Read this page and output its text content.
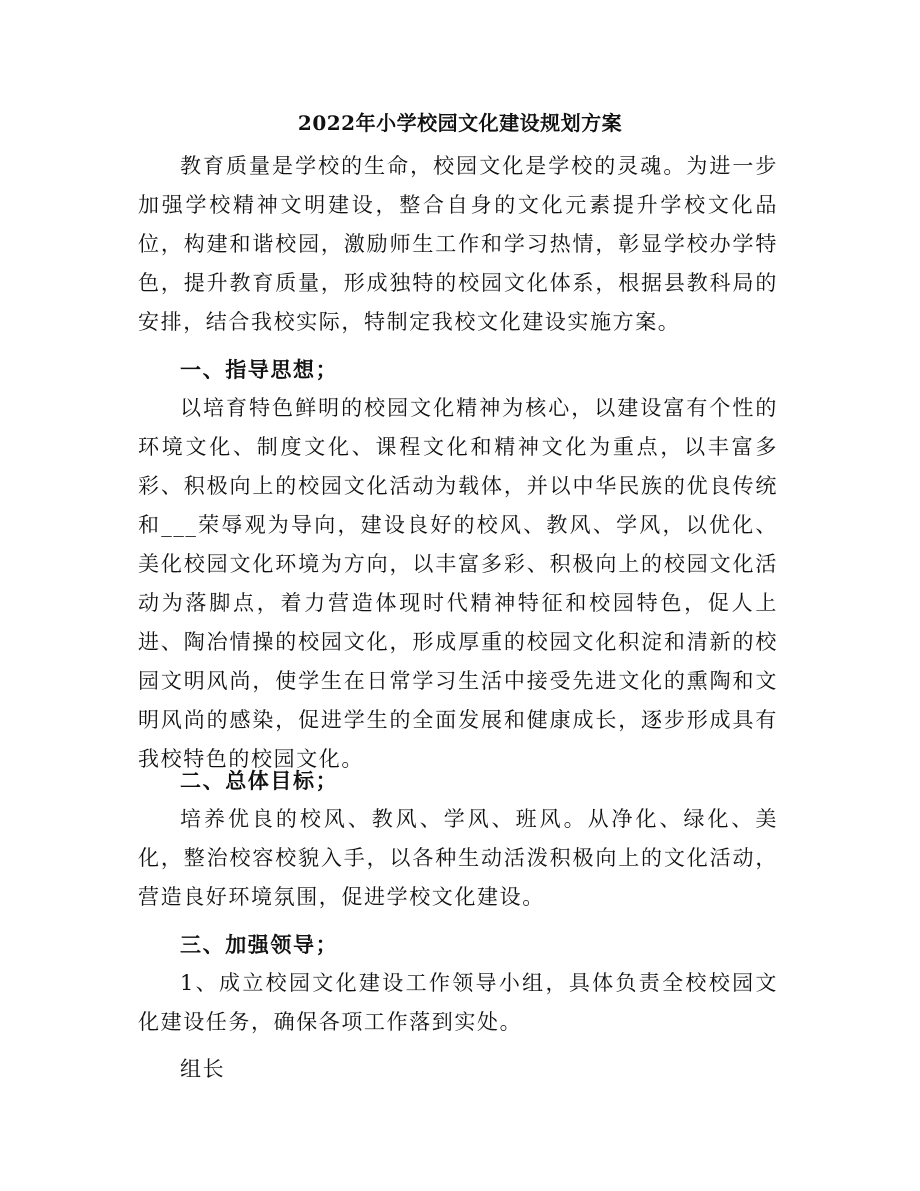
2022年小学校园文化建设规划方案

教育质量是学校的生命，校园文化是学校的灵魂。为进一步加强学校精神文明建设，整合自身的文化元素提升学校文化品位，构建和谐校园，激励师生工作和学习热情，彰显学校办学特色，提升教育质量，形成独特的校园文化体系，根据县教科局的安排，结合我校实际，特制定我校文化建设实施方案。

一、指导思想；

以培育特色鲜明的校园文化精神为核心，以建设富有个性的环境文化、制度文化、课程文化和精神文化为重点，以丰富多彩、积极向上的校园文化活动为载体，并以中华民族的优良传统和___荣辱观为导向，建设良好的校风、教风、学风，以优化、美化校园文化环境为方向，以丰富多彩、积极向上的校园文化活动为落脚点，着力营造体现时代精神特征和校园特色，促人上进、陶冶情操的校园文化，形成厚重的校园文化积淀和清新的校园文明风尚，使学生在日常学习生活中接受先进文化的熏陶和文明风尚的感染，促进学生的全面发展和健康成长，逐步形成具有我校特色的校园文化。

二、总体目标；

培养优良的校风、教风、学风、班风。从净化、绿化、美化，整治校容校貌入手，以各种生动活泼积极向上的文化活动，营造良好环境氛围，促进学校文化建设。

三、加强领导；

1、成立校园文化建设工作领导小组，具体负责全校校园文化建设任务，确保各项工作落到实处。

组长
